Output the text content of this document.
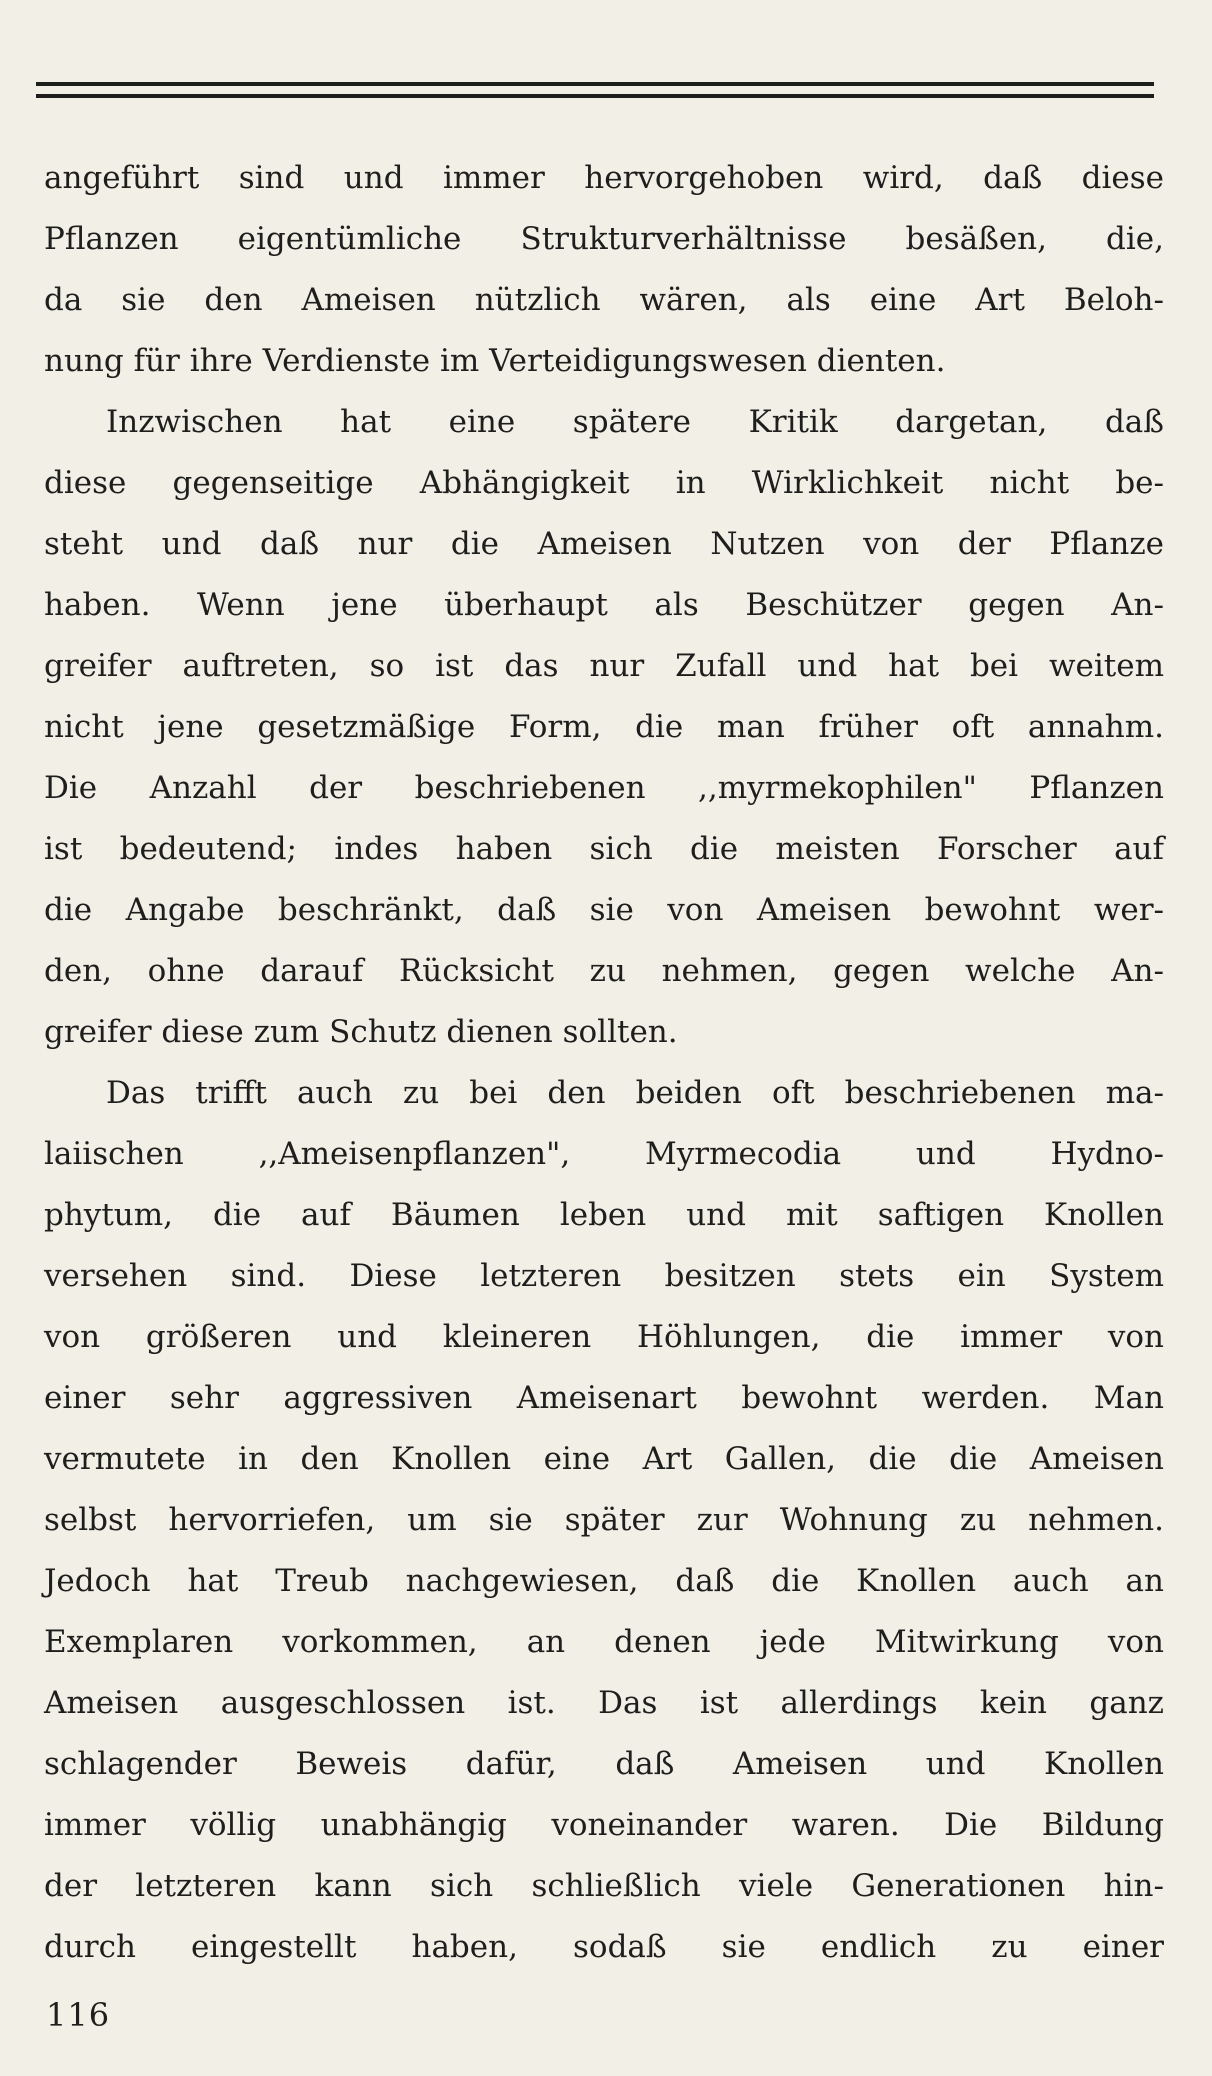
angeführt sind und immer hervorgehoben wird, daß diese
Pflanzen eigentümliche Strukturverhältnisse besäßen, die,
da sie den Ameisen nützlich wären, als eine Art Beloh-
nung für ihre Verdienste im Verteidigungswesen dienten.
Inzwischen hat eine spätere Kritik dargetan, daß
diese gegenseitige Abhängigkeit in Wirklichkeit nicht be-
steht und daß nur die Ameisen Nutzen von der Pflanze
haben. Wenn jene überhaupt als Beschützer gegen An-
greifer auftreten, so ist das nur Zufall und hat bei weitem
nicht jene gesetzmäßige Form, die man früher oft annahm.
Die Anzahl der beschriebenen ,,myrmekophilen" Pflanzen
ist bedeutend; indes haben sich die meisten Forscher auf
die Angabe beschränkt, daß sie von Ameisen bewohnt wer-
den, ohne darauf Rücksicht zu nehmen, gegen welche An-
greifer diese zum Schutz dienen sollten.
Das trifft auch zu bei den beiden oft beschriebenen ma-
laiischen ,,Ameisenpflanzen", Myrmecodia und Hydno-
phytum, die auf Bäumen leben und mit saftigen Knollen
versehen sind. Diese letzteren besitzen stets ein System
von größeren und kleineren Höhlungen, die immer von
einer sehr aggressiven Ameisenart bewohnt werden. Man
vermutete in den Knollen eine Art Gallen, die die Ameisen
selbst hervorriefen, um sie später zur Wohnung zu nehmen.
Jedoch hat Treub nachgewiesen, daß die Knollen auch an
Exemplaren vorkommen, an denen jede Mitwirkung von
Ameisen ausgeschlossen ist. Das ist allerdings kein ganz
schlagender Beweis dafür, daß Ameisen und Knollen
immer völlig unabhängig voneinander waren. Die Bildung
der letzteren kann sich schließlich viele Generationen hin-
durch eingestellt haben, sodaß sie endlich zu einer
116
